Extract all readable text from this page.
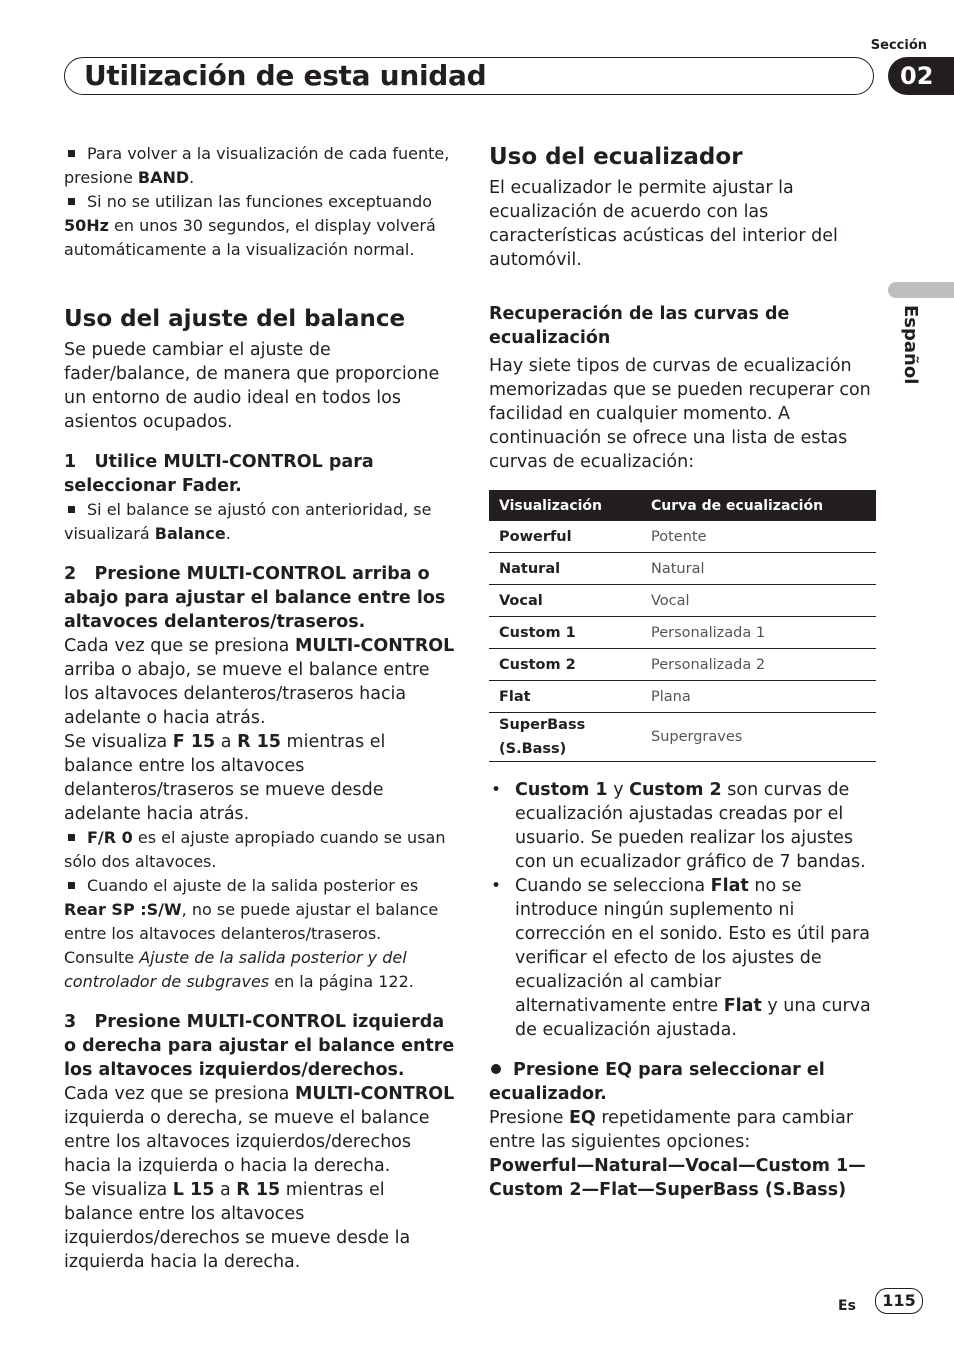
Sección
Utilización de esta unidad	02
Español

Para volver a la visualización de cada fuente, presione BAND.

Si no se utilizan las funciones exceptuando 50Hz en unos 30 segundos, el display volverá automáticamente a la visualización normal.

Uso del ajuste del balance

Se puede cambiar el ajuste de fader/balance, de manera que proporcione un entorno de audio ideal en todos los asientos ocupados.

1 Utilice MULTI-CONTROL para seleccionar Fader.

Si el balance se ajustó con anterioridad, se visualizará Balance.

2 Presione MULTI-CONTROL arriba o abajo para ajustar el balance entre los altavoces delanteros/traseros.

Cada vez que se presiona MULTI-CONTROL arriba o abajo, se mueve el balance entre los altavoces delanteros/traseros hacia adelante o hacia atrás.

Se visualiza F 15 a R 15 mientras el balance entre los altavoces delanteros/traseros se mueve desde adelante hacia atrás.

F/R 0 es el ajuste apropiado cuando se usan sólo dos altavoces.

Cuando el ajuste de la salida posterior es Rear SP :S/W, no se puede ajustar el balance entre los altavoces delanteros/traseros. Consulte Ajuste de la salida posterior y del controlador de subgraves en la página 122.

3 Presione MULTI-CONTROL izquierda o derecha para ajustar el balance entre los altavoces izquierdos/derechos.

Cada vez que se presiona MULTI-CONTROL izquierda o derecha, se mueve el balance entre los altavoces izquierdos/derechos hacia la izquierda o hacia la derecha.

Se visualiza L 15 a R 15 mientras el balance entre los altavoces izquierdos/derechos se mueve desde la izquierda hacia la derecha.

Uso del ecualizador

El ecualizador le permite ajustar la ecualización de acuerdo con las características acústicas del interior del automóvil.

Recuperación de las curvas de ecualización

Hay siete tipos de curvas de ecualización memorizadas que se pueden recuperar con facilidad en cualquier momento. A continuación se ofrece una lista de estas curvas de ecualización:

Visualización	Curva de ecualización
Powerful	Potente
Natural	Natural
Vocal	Vocal
Custom 1	Personalizada 1
Custom 2	Personalizada 2
Flat	Plana
SuperBass (S.Bass)	Supergraves
• Custom 1 y Custom 2 son curvas de ecualización ajustadas creadas por el usuario. Se pueden realizar los ajustes con un ecualizador gráfico de 7 bandas.
• Cuando se selecciona Flat no se introduce ningún suplemento ni corrección en el sonido. Esto es útil para verificar el efecto de los ajustes de ecualización al cambiar alternativamente entre Flat y una curva de ecualización ajustada.
Presione EQ para seleccionar el ecualizador.

Presione EQ repetidamente para cambiar entre las siguientes opciones:

Powerful—Natural—Vocal—Custom 1—Custom 2—Flat—SuperBass (S.Bass)

Es	115
